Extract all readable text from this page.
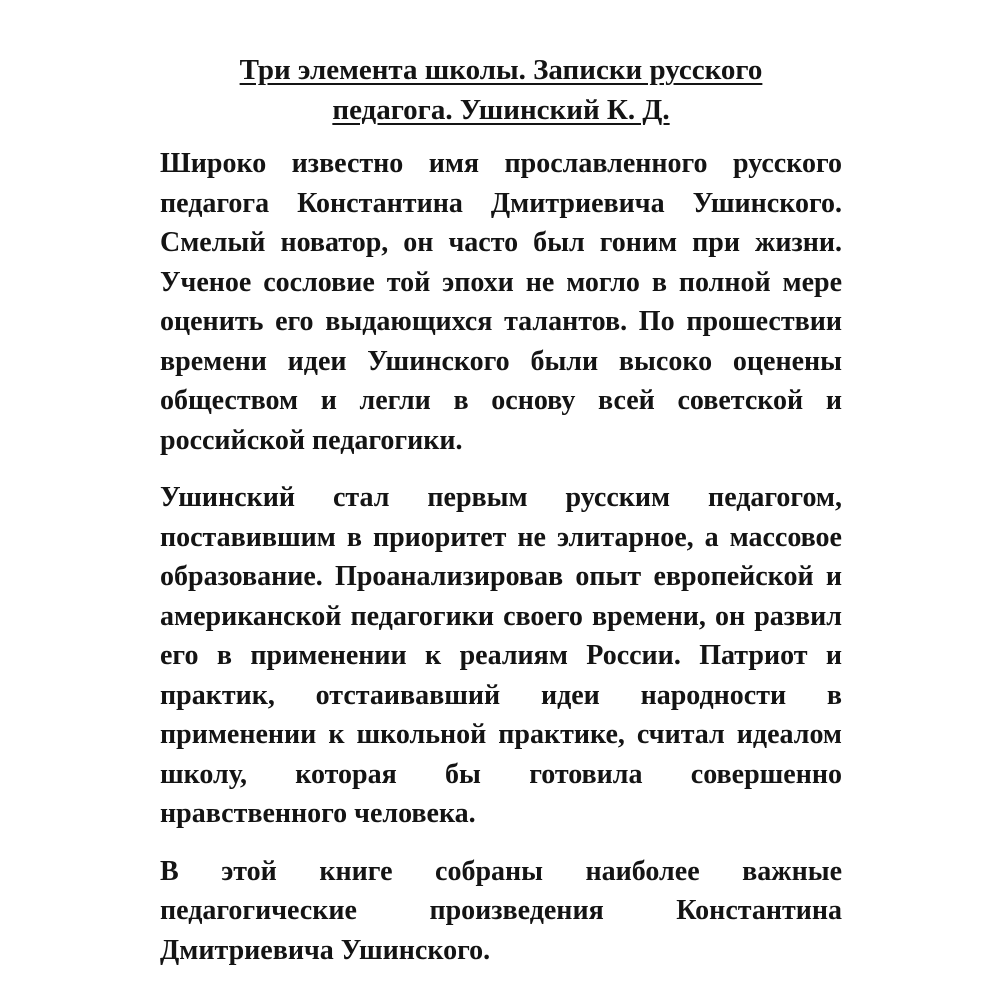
Три элемента школы. Записки русского
педагога. Ушинский К. Д.

Широко известно имя прославленного русского педагога Константина Дмитриевича Ушинского. Смелый новатор, он часто был гоним при жизни. Ученое сословие той эпохи не могло в полной мере оценить его выдающихся талантов. По прошествии времени идеи Ушинского были высоко оценены обществом и легли в основу всей советской и российской педагогики.

Ушинский стал первым русским педагогом, поставившим в приоритет не элитарное, а массовое образование. Проанализировав опыт европейской и американской педагогики своего времени, он развил его в применении к реалиям России. Патриот и практик, отстаивавший идеи народности в применении к школьной практике, считал идеалом школу, которая бы готовила совершенно нравственного человека.

В этой книге собраны наиболее важные педагогические произведения Константина Дмитриевича Ушинского.
